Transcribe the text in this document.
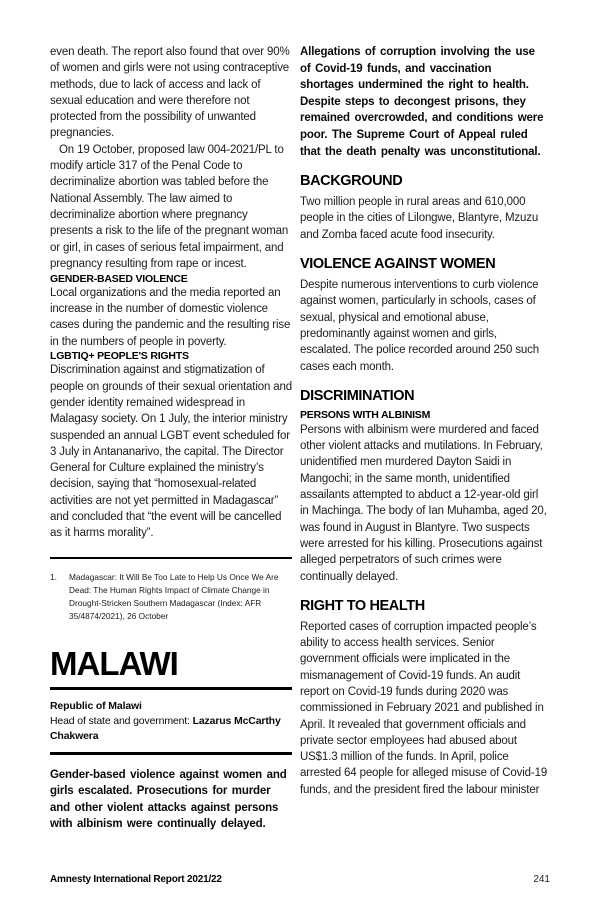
even death. The report also found that over 90% of women and girls were not using contraceptive methods, due to lack of access and lack of sexual education and were therefore not protected from the possibility of unwanted pregnancies.

On 19 October, proposed law 004-2021/PL to modify article 317 of the Penal Code to decriminalize abortion was tabled before the National Assembly. The law aimed to decriminalize abortion where pregnancy presents a risk to the life of the pregnant woman or girl, in cases of serious fetal impairment, and pregnancy resulting from rape or incest.

GENDER-BASED VIOLENCE

Local organizations and the media reported an increase in the number of domestic violence cases during the pandemic and the resulting rise in the numbers of people in poverty.

LGBTIQ+ PEOPLE'S RIGHTS

Discrimination against and stigmatization of people on grounds of their sexual orientation and gender identity remained widespread in Malagasy society. On 1 July, the interior ministry suspended an annual LGBT event scheduled for 3 July in Antananarivo, the capital. The Director General for Culture explained the ministry’s decision, saying that “homosexual-related activities are not yet permitted in Madagascar” and concluded that “the event will be cancelled as it harms morality”.

1.	Madagascar: It Will Be Too Late to Help Us Once We Are Dead: The Human Rights Impact of Climate Change in Drought-Stricken Southern Madagascar (Index: AFR 35/4874/2021), 26 October
MALAWI
Republic of Malawi
Head of state and government: Lazarus McCarthy Chakwera

Gender-based violence against women and girls escalated. Prosecutions for murder and other violent attacks against persons with albinism were continually delayed.

Allegations of corruption involving the use of Covid-19 funds, and vaccination shortages undermined the right to health. Despite steps to decongest prisons, they remained overcrowded, and conditions were poor. The Supreme Court of Appeal ruled that the death penalty was unconstitutional.

BACKGROUND

Two million people in rural areas and 610,000 people in the cities of Lilongwe, Blantyre, Mzuzu and Zomba faced acute food insecurity.

VIOLENCE AGAINST WOMEN

Despite numerous interventions to curb violence against women, particularly in schools, cases of sexual, physical and emotional abuse, predominantly against women and girls, escalated. The police recorded around 250 such cases each month.

DISCRIMINATION
PERSONS WITH ALBINISM

Persons with albinism were murdered and faced other violent attacks and mutilations. In February, unidentified men murdered Dayton Saidi in Mangochi; in the same month, unidentified assailants attempted to abduct a 12-year-old girl in Machinga. The body of Ian Muhamba, aged 20, was found in August in Blantyre. Two suspects were arrested for his killing. Prosecutions against alleged perpetrators of such crimes were continually delayed.

RIGHT TO HEALTH

Reported cases of corruption impacted people’s ability to access health services. Senior government officials were implicated in the mismanagement of Covid-19 funds. An audit report on Covid-19 funds during 2020 was commissioned in February 2021 and published in April. It revealed that government officials and private sector employees had abused about US$1.3 million of the funds. In April, police arrested 64 people for alleged misuse of Covid-19 funds, and the president fired the labour minister

Amnesty International Report 2021/22	241
